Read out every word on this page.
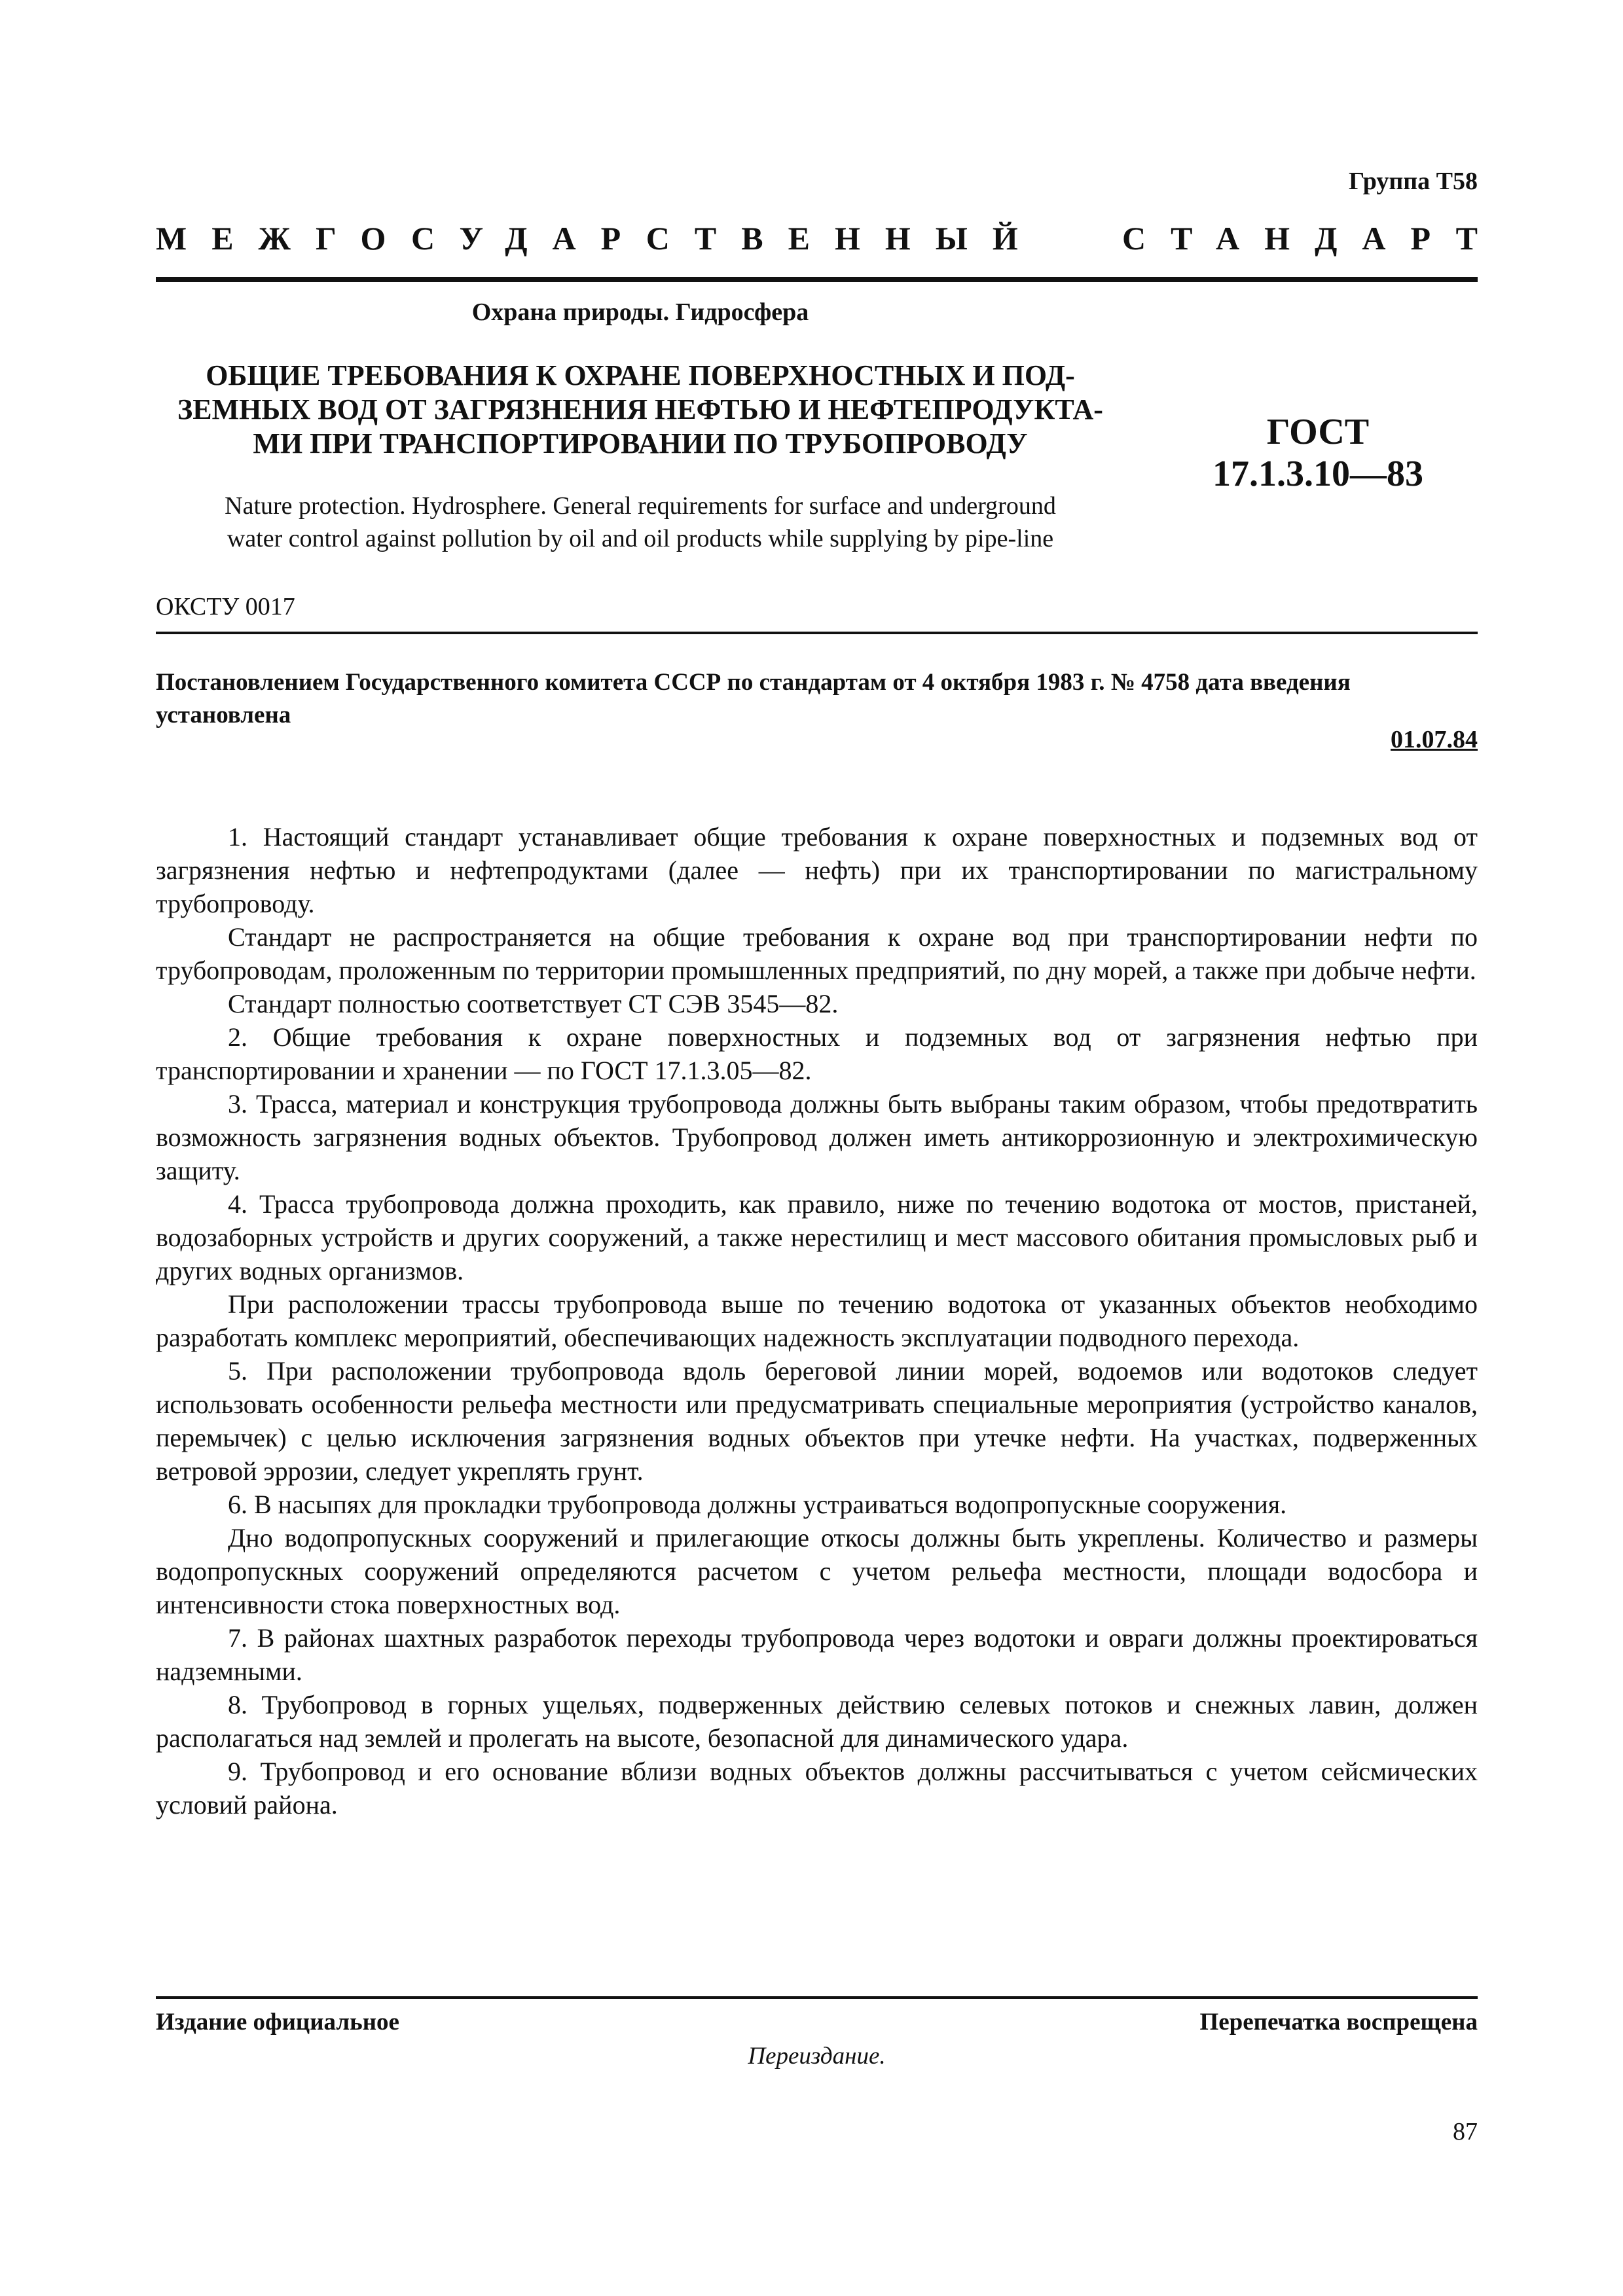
Группа Т58
МЕЖГОСУДАРСТВЕННЫЙ СТАНДАРТ
Охрана природы. Гидросфера
ОБЩИЕ ТРЕБОВАНИЯ К ОХРАНЕ ПОВЕРХНОСТНЫХ И ПОД-
ЗЕМНЫХ ВОД ОТ ЗАГРЯЗНЕНИЯ НЕФТЬЮ И НЕФТЕПРОДУКТА-
МИ ПРИ ТРАНСПОРТИРОВАНИИ ПО ТРУБОПРОВОДУ
Nature protection. Hydrosphere. General requirements for surface and underground
water control against pollution by oil and oil products while supplying by pipe-line
ГОСТ
17.1.3.10—83
ОКСТУ 0017
Постановлением Государственного комитета СССР по стандартам от 4 октября 1983 г. № 4758 дата введения установлена
01.07.84

1. Настоящий стандарт устанавливает общие требования к охране поверхностных и подземных вод от загрязнения нефтью и нефтепродуктами (далее — нефть) при их транспортировании по магистральному трубопроводу.

Стандарт не распространяется на общие требования к охране вод при транспортировании нефти по трубопроводам, проложенным по территории промышленных предприятий, по дну морей, а также при добыче нефти.

Стандарт полностью соответствует СТ СЭВ 3545—82.

2. Общие требования к охране поверхностных и подземных вод от загрязнения нефтью при транспортировании и хранении — по ГОСТ 17.1.3.05—82.

3. Трасса, материал и конструкция трубопровода должны быть выбраны таким образом, чтобы предотвратить возможность загрязнения водных объектов. Трубопровод должен иметь антикоррозионную и электрохимическую защиту.

4. Трасса трубопровода должна проходить, как правило, ниже по течению водотока от мостов, пристаней, водозаборных устройств и других сооружений, а также нерестилищ и мест массового обитания промысловых рыб и других водных организмов.

При расположении трассы трубопровода выше по течению водотока от указанных объектов необходимо разработать комплекс мероприятий, обеспечивающих надежность эксплуатации подводного перехода.

5. При расположении трубопровода вдоль береговой линии морей, водоемов или водотоков следует использовать особенности рельефа местности или предусматривать специальные мероприятия (устройство каналов, перемычек) с целью исключения загрязнения водных объектов при утечке нефти. На участках, подверженных ветровой эррозии, следует укреплять грунт.

6. В насыпях для прокладки трубопровода должны устраиваться водопропускные сооружения.

Дно водопропускных сооружений и прилегающие откосы должны быть укреплены. Количество и размеры водопропускных сооружений определяются расчетом с учетом рельефа местности, площади водосбора и интенсивности стока поверхностных вод.

7. В районах шахтных разработок переходы трубопровода через водотоки и овраги должны проектироваться надземными.

8. Трубопровод в горных ущельях, подверженных действию селевых потоков и снежных лавин, должен располагаться над землей и пролегать на высоте, безопасной для динамического удара.

9. Трубопровод и его основание вблизи водных объектов должны рассчитываться с учетом сейсмических условий района.

Издание официальное	Перепечатка воспрещена
Переиздание.
87
